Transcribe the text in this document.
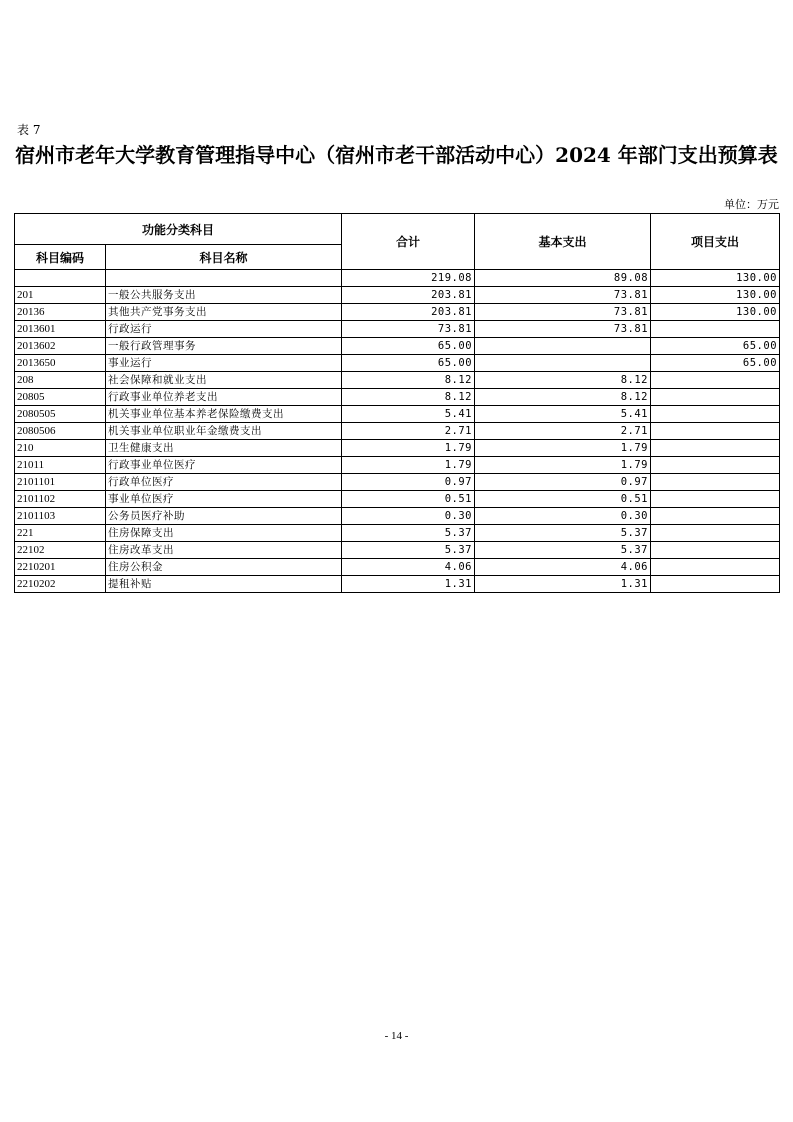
表 7
宿州市老年大学教育管理指导中心（宿州市老干部活动中心）2024 年部门支出预算表
单位：万元
功能分类科目		合计	基本支出	项目支出
科目编码	科目名称			
		219.08	89.08	130.00
201	一般公共服务支出	203.81	73.81	130.00
20136	其他共产党事务支出	203.81	73.81	130.00
2013601	行政运行	73.81	73.81	
2013602	一般行政管理事务	65.00		65.00
2013650	事业运行	65.00		65.00
208	社会保障和就业支出	8.12	8.12	
20805	行政事业单位养老支出	8.12	8.12	
2080505	机关事业单位基本养老保险缴费支出	5.41	5.41	
2080506	机关事业单位职业年金缴费支出	2.71	2.71	
210	卫生健康支出	1.79	1.79	
21011	行政事业单位医疗	1.79	1.79	
2101101	行政单位医疗	0.97	0.97	
2101102	事业单位医疗	0.51	0.51	
2101103	公务员医疗补助	0.30	0.30	
221	住房保障支出	5.37	5.37	
22102	住房改革支出	5.37	5.37	
2210201	住房公积金	4.06	4.06	
2210202	提租补贴	1.31	1.31	
- 14 -
